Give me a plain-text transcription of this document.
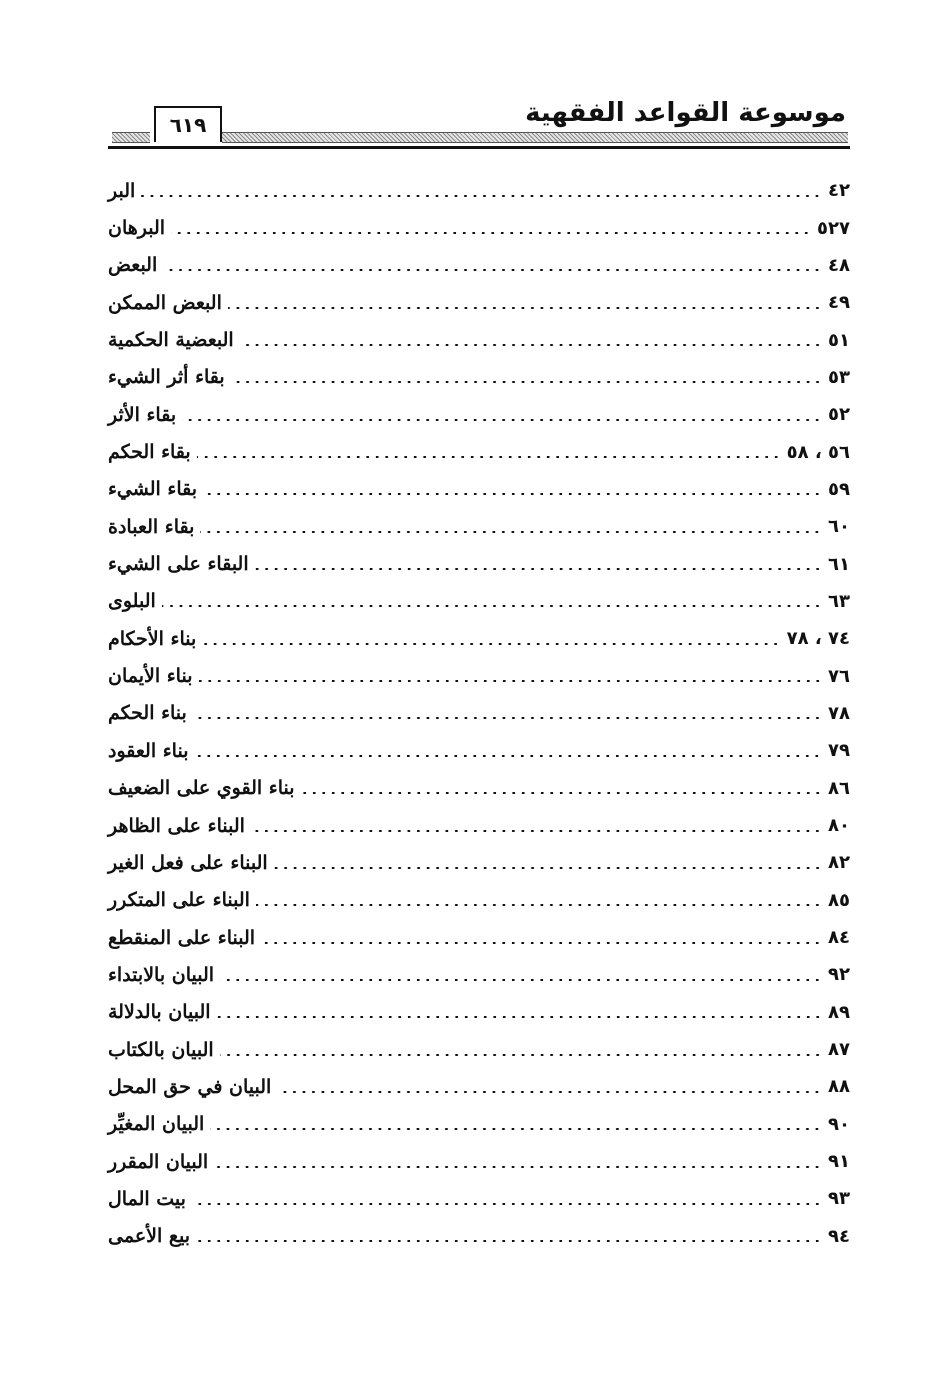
٦١٩	موسوعة القواعد الفقهية
البر	٤٢
البرهان	٥٢٧
البعض	٤٨
البعض الممكن	٤٩
البعضية الحكمية	٥١
بقاء أثر الشيء	٥٣
بقاء الأثر	٥٢
بقاء الحكم	٥٦ ، ٥٨
بقاء الشيء	٥٩
بقاء العبادة	٦٠
البقاء على الشيء	٦١
البلوى	٦٣
بناء الأحكام	٧٤ ، ٧٨
بناء الأيمان	٧٦
بناء الحكم	٧٨
بناء العقود	٧٩
بناء القوي على الضعيف	٨٦
البناء على الظاهر	٨٠
البناء على فعل الغير	٨٢
البناء على المتكرر	٨٥
البناء على المنقطع	٨٤
البيان بالابتداء	٩٢
البيان بالدلالة	٨٩
البيان بالكتاب	٨٧
البيان في حق المحل	٨٨
البيان المغيِّر	٩٠
البيان المقرر	٩١
بيت المال	٩٣
بيع الأعمى	٩٤
